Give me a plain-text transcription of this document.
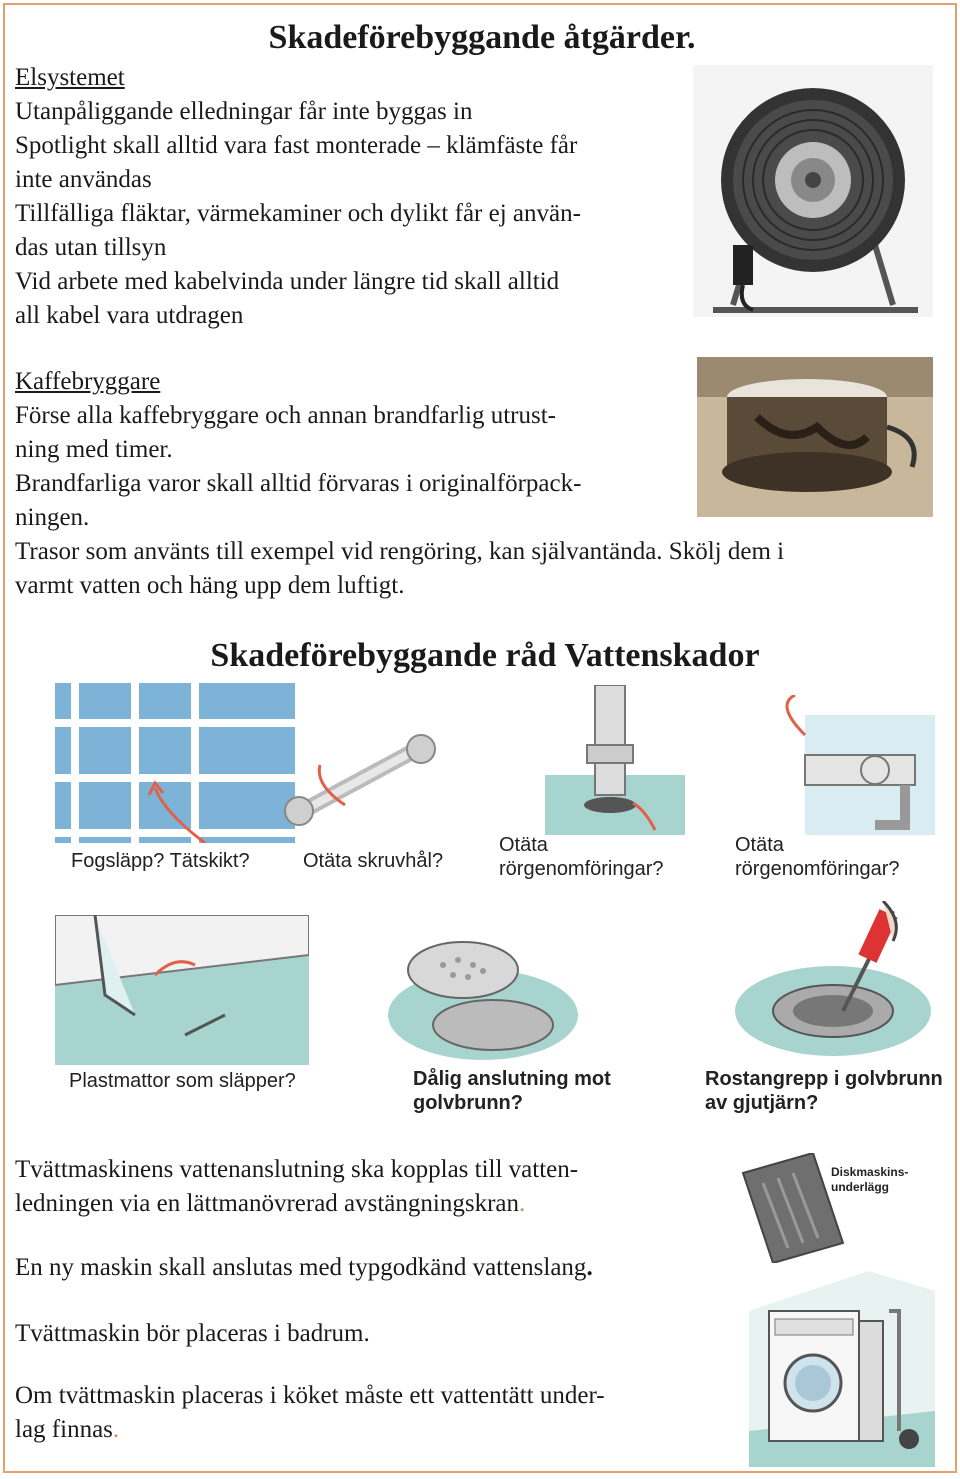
Skadeförebyggande åtgärder.
Elsystemet
Utanpåliggande elledningar får inte byggas in
Spotlight skall alltid vara fast monterade – klämfäste får
inte användas
Tillfälliga fläktar, värmekaminer och dylikt får ej använ-
das utan tillsyn
Vid arbete med kabelvinda under längre tid skall alltid
all kabel vara utdragen
Kaffebryggare
Förse alla kaffebryggare och annan brandfarlig utrust-
ning med timer.
Brandfarliga varor skall alltid förvaras i originalförpack-
ningen.
Trasor som använts till exempel vid rengöring, kan självantända. Skölj dem i
varmt vatten och häng upp dem luftigt.
Skadeförebyggande råd Vattenskador
Fogsläpp? Tätskikt?	Otäta skruvhål?
Otäta
rörgenomföringar?
Otäta
rörgenomföringar?
Plastmattor som släpper?	Dålig anslutning mot
golvbrunn?
Rostangrepp i golvbrunn
av gjutjärn?
Tvättmaskinens vattenanslutning ska kopplas till vatten-
ledningen via en lättmanövrerad avstängningskran.
En ny maskin skall anslutas med typgodkänd vattenslang.
Tvättmaskin bör placeras i badrum.
Om tvättmaskin placeras i köket måste ett vattentätt under-
lag finnas.
Diskmaskins-
underlägg
